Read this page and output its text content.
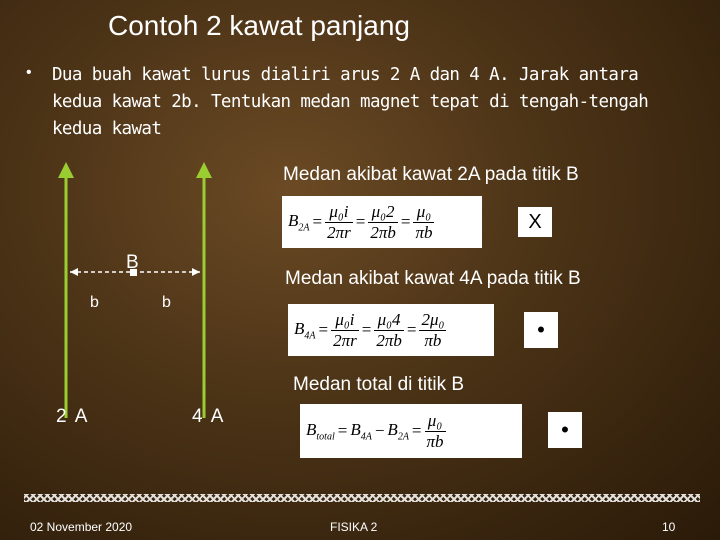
Contoh 2 kawat panjang
• Dua buah kawat lurus dialiri arus 2 A dan 4 A. Jarak antara kedua kawat 2b. Tentukan medan magnet tepat di tengah-tengah kedua kawat
B
b	b
2 A	4 A
Medan akibat kawat 2A pada titik B
$B_{2A} = \frac{\text{μ₀i}}{2\pi r} = \frac{\text{μ₀2}}{2\pi b} = \frac{\text{μ₀}}{\pi b}$	X
Medan akibat kawat 4A pada titik B
$B_{4A} = \frac{\text{μ₀i}}{2\pi r} = \frac{\text{μ₀4}}{2\pi b} = \frac{\text{2μ₀}}{\pi b}$	•
Medan total di titik B
$B_{total} = B_{4A} - B_{2A} = \frac{\text{μ₀}}{\pi b}$	•
02 November 2020	FISIKA 2	10
